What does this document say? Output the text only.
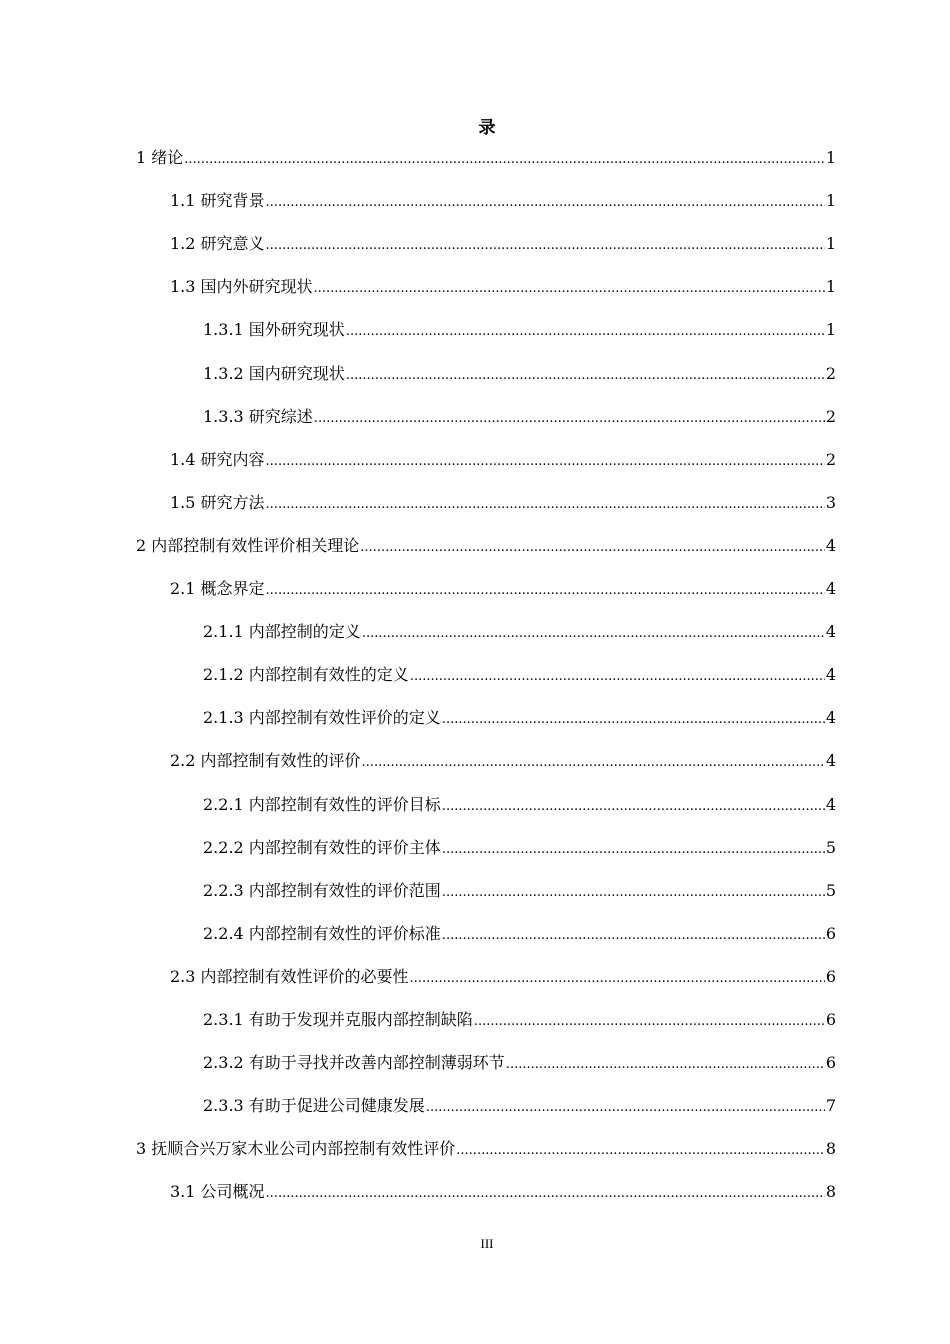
录
1 绪论 .....	1
1.1 研究背景 .....	1
1.2 研究意义 .....	1
1.3 国内外研究现状 .....	1
1.3.1 国外研究现状 .....	1
1.3.2 国内研究现状 .....	2
1.3.3 研究综述 .....	2
1.4 研究内容 .....	2
1.5 研究方法 .....	3
2 内部控制有效性评价相关理论 .....	4
2.1 概念界定 .....	4
2.1.1 内部控制的定义 .....	4
2.1.2 内部控制有效性的定义 .....	4
2.1.3 内部控制有效性评价的定义 .....	4
2.2 内部控制有效性的评价 .....	4
2.2.1 内部控制有效性的评价目标 .....	4
2.2.2 内部控制有效性的评价主体 .....	5
2.2.3 内部控制有效性的评价范围 .....	5
2.2.4 内部控制有效性的评价标准 .....	6
2.3 内部控制有效性评价的必要性 .....	6
2.3.1 有助于发现并克服内部控制缺陷 .....	6
2.3.2 有助于寻找并改善内部控制薄弱环节 .....	6
2.3.3 有助于促进公司健康发展 .....	7
3 抚顺合兴万家木业公司内部控制有效性评价 .....	8
3.1 公司概况 .....	8
III
